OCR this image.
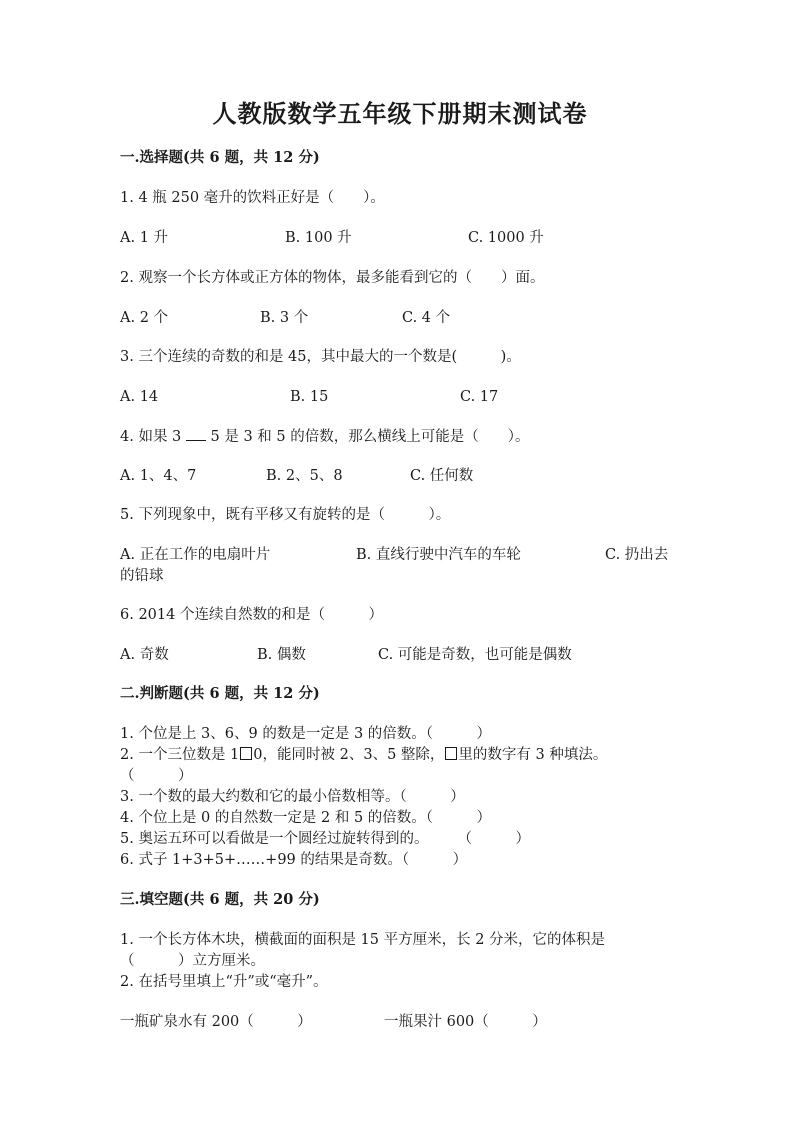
人教版数学五年级下册期末测试卷
一.选择题(共 6 题，共 12 分)
1. 4 瓶 250 毫升的饮料正好是（　　）。
A. 1 升	B. 100 升	C. 1000 升
2. 观察一个长方体或正方体的物体，最多能看到它的（　　）面。
A. 2 个	B. 3 个	C. 4 个
3. 三个连续的奇数的和是 45，其中最大的一个数是(　　　)。
A. 14	B. 15	C. 17
4. 如果 3 5 是 3 和 5 的倍数，那么横线上可能是（　　）。
A. 1、4、7	B. 2、5、8	C. 任何数
5. 下列现象中，既有平移又有旋转的是（　　　）。
A. 正在工作的电扇叶片	B. 直线行驶中汽车的车轮	C. 扔出去
的铅球
6. 2014 个连续自然数的和是（　　　）
A. 奇数	B. 偶数	C. 可能是奇数，也可能是偶数
二.判断题(共 6 题，共 12 分)
1. 个位是上 3、6、9 的数是一定是 3 的倍数。（　　　）
2. 一个三位数是 1 0，能同时被 2、3、5 整除， 里的数字有 3 种填法。
（　　　）
3. 一个数的最大约数和它的最小倍数相等。（　　　）
4. 个位上是 0 的自然数一定是 2 和 5 的倍数。（　　　）
5. 奥运五环可以看做是一个圆经过旋转得到的。　　　（　　　）
6. 式子 1+3+5+……+99 的结果是奇数。（　　　）
三.填空题(共 6 题，共 20 分)
1. 一个长方体木块，横截面的面积是 15 平方厘米，长 2 分米，它的体积是
（　　　）立方厘米。
2. 在括号里填上“升”或“毫升”。
一瓶矿泉水有 200（　　　）	一瓶果汁 600（　　　）
